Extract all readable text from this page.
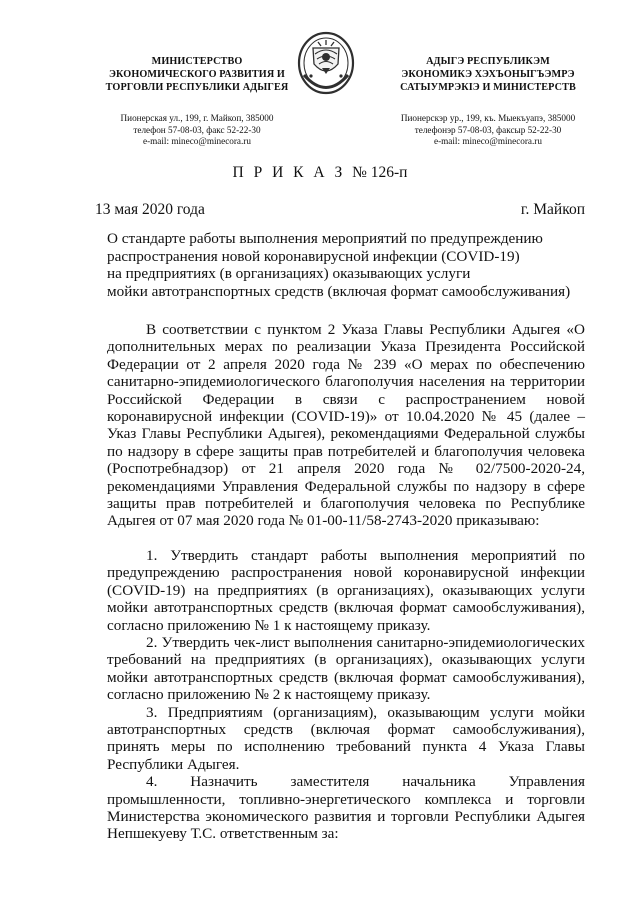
МИНИСТЕРСТВО
ЭКОНОМИЧЕСКОГО РАЗВИТИЯ И
ТОРГОВЛИ РЕСПУБЛИКИ АДЫГЕЯ
Пионерская ул., 199, г. Майкоп, 385000
телефон 57-08-03, факс 52-22-30
e-mail: mineco@minecora.ru
АДЫГЭ РЕСПУБЛИКЭМ
ЭКОНОМИКЭ ХЭХЪОНЫГЪЭМРЭ
САТЫУМРЭКIЭ И МИНИСТЕРСТВ
Пионерскэр ур., 199, къ. Мыекъуапэ, 385000
телефонэр 57-08-03, факсыр 52-22-30
e-mail: mineco@minecora.ru
П Р И К А З № 126-п
13 мая 2020 года	г. Майкоп
О стандарте работы выполнения мероприятий по предупреждению
распространения новой коронавирусной инфекции (COVID-19)
на предприятиях (в организациях) оказывающих услуги
мойки автотранспортных средств (включая формат самообслуживания)

В соответствии с пунктом 2 Указа Главы Республики Адыгея «О дополнительных мерах по реализации Указа Президента Российской Федерации от 2 апреля 2020 года № 239 «О мерах по обеспечению санитарно-эпидемиологического благополучия населения на территории Российской Федерации в связи с распространением новой коронавирусной инфекции (COVID-19)» от 10.04.2020 № 45 (далее – Указ Главы Республики Адыгея), рекомендациями Федеральной службы по надзору в сфере защиты прав потребителей и благополучия человека (Роспотребнадзор) от 21 апреля 2020 года № 02/7500-2020-24, рекомендациями Управления Федеральной службы по надзору в сфере защиты прав потребителей и благополучия человека по Республике Адыгея от 07 мая 2020 года № 01-00-11/58-2743-2020 приказываю:

1. Утвердить стандарт работы выполнения мероприятий по предупреждению распространения новой коронавирусной инфекции (COVID-19) на предприятиях (в организациях), оказывающих услуги мойки автотранспортных средств (включая формат самообслуживания), согласно приложению № 1 к настоящему приказу.

2. Утвердить чек-лист выполнения санитарно-эпидемиологических требований на предприятиях (в организациях), оказывающих услуги мойки автотранспортных средств (включая формат самообслуживания), согласно приложению № 2 к настоящему приказу.

3. Предприятиям (организациям), оказывающим услуги мойки автотранспортных средств (включая формат самообслуживания), принять меры по исполнению требований пункта 4 Указа Главы Республики Адыгея.

4. Назначить заместителя начальника Управления промышленности, топливно-энергетического комплекса и торговли Министерства экономического развития и торговли Республики Адыгея Непшекуеву Т.С. ответственным за:
